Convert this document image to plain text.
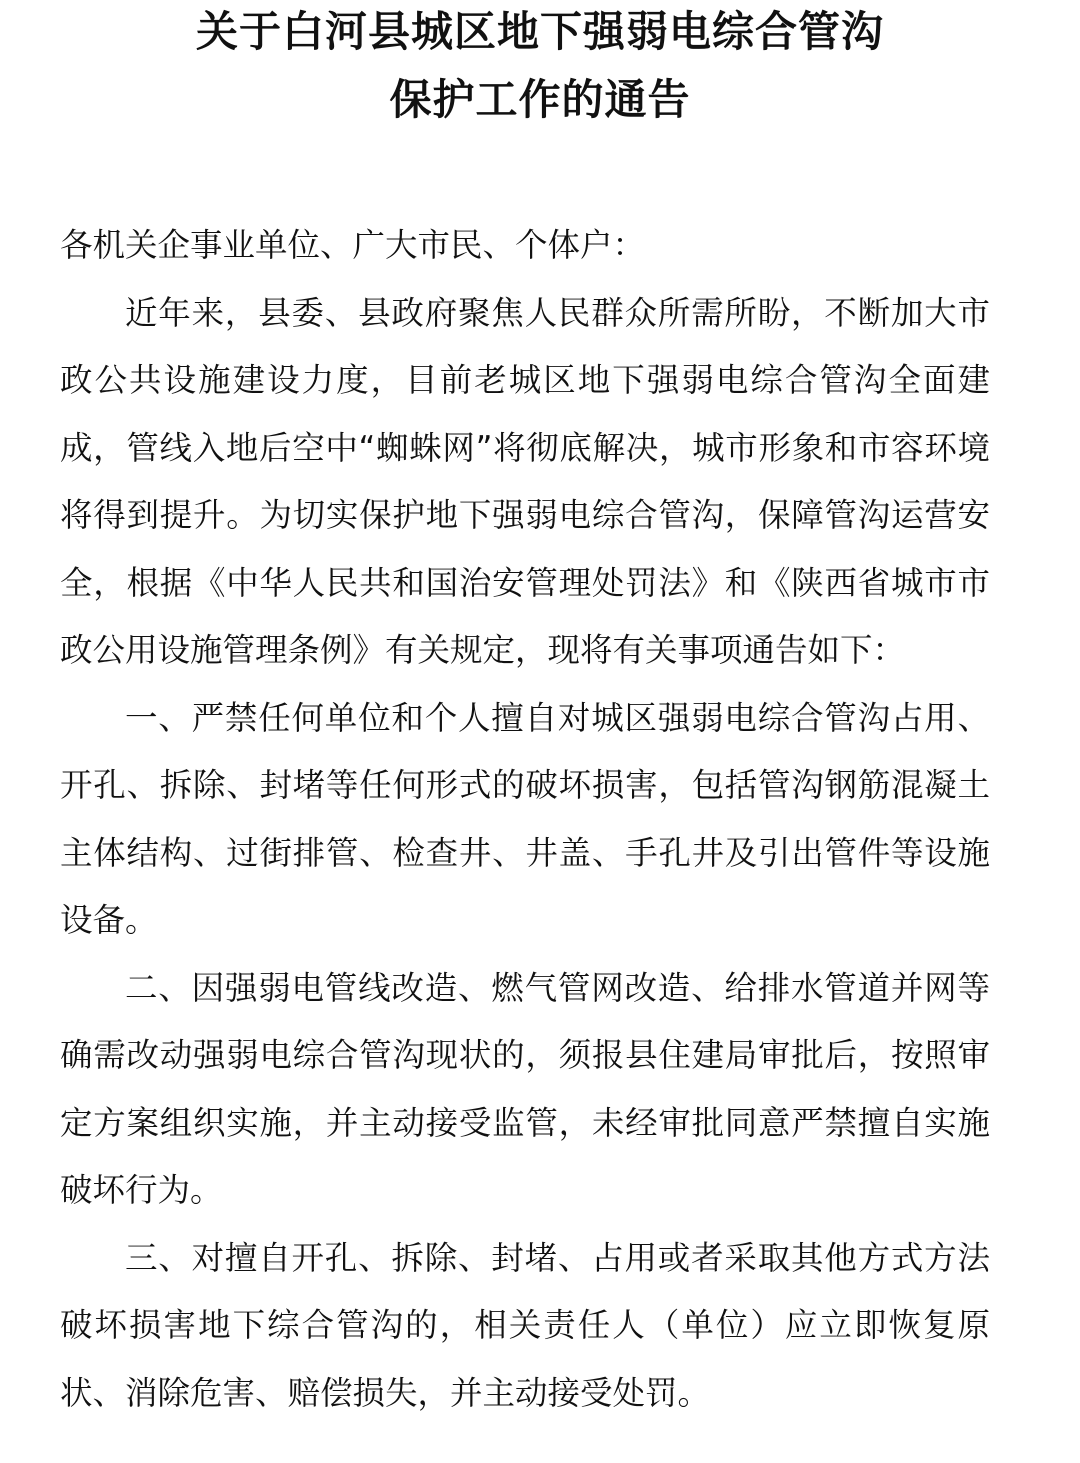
关于白河县城区地下强弱电综合管沟
保护工作的通告

各机关企事业单位、广大市民、个体户：

近年来，县委、县政府聚焦人民群众所需所盼，不断加大市政公共设施建设力度，目前老城区地下强弱电综合管沟全面建成，管线入地后空中“蜘蛛网”将彻底解决，城市形象和市容环境将得到提升。为切实保护地下强弱电综合管沟，保障管沟运营安全，根据《中华人民共和国治安管理处罚法》和《陕西省城市市政公用设施管理条例》有关规定，现将有关事项通告如下：

一、严禁任何单位和个人擅自对城区强弱电综合管沟占用、开孔、拆除、封堵等任何形式的破坏损害，包括管沟钢筋混凝土主体结构、过街排管、检查井、井盖、手孔井及引出管件等设施设备。

二、因强弱电管线改造、燃气管网改造、给排水管道并网等确需改动强弱电综合管沟现状的，须报县住建局审批后，按照审定方案组织实施，并主动接受监管，未经审批同意严禁擅自实施破坏行为。

三、对擅自开孔、拆除、封堵、占用或者采取其他方式方法破坏损害地下综合管沟的，相关责任人（单位）应立即恢复原状、消除危害、赔偿损失，并主动接受处罚。
